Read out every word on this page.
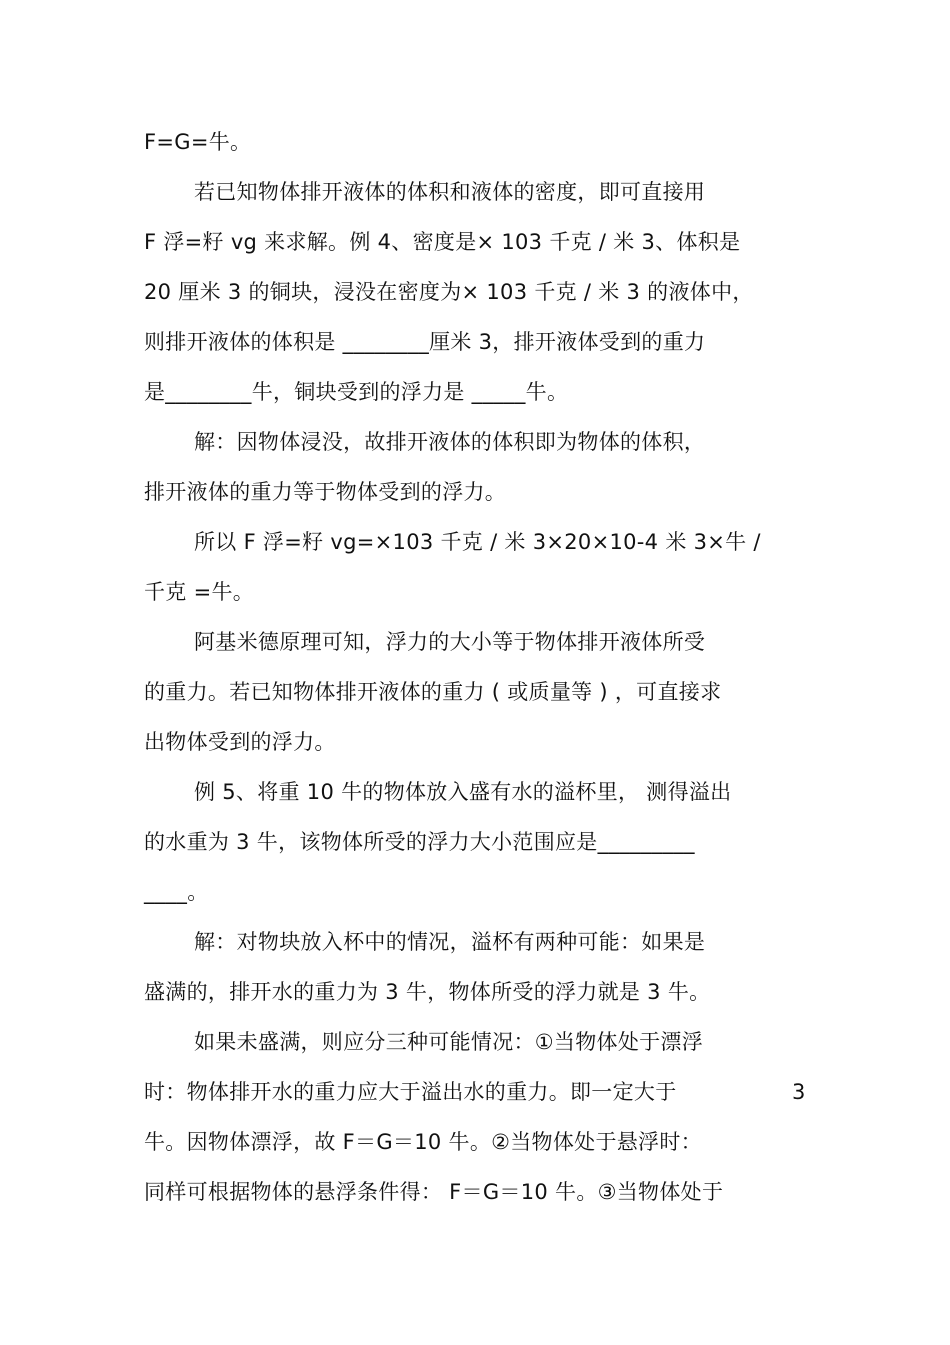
F=G=牛。
若已知物体排开液体的体积和液体的密度，即可直接用
F 浮=籽 vg 来求解。例 4、密度是× 103 千克 / 米 3、体积是
20 厘米 3 的铜块，浸没在密度为× 103 千克 / 米 3 的液体中，
则排开液体的体积是 ________厘米 3，排开液体受到的重力
是________牛，铜块受到的浮力是 _____牛。
解：因物体浸没，故排开液体的体积即为物体的体积，
排开液体的重力等于物体受到的浮力。
所以 F 浮=籽 vg=×103 千克 / 米 3×20×10-4 米 3×牛 /
千克 =牛。
阿基米德原理可知，浮力的大小等于物体排开液体所受
的重力。若已知物体排开液体的重力 ( 或质量等 ) ，可直接求
出物体受到的浮力。
例 5、将重 10 牛的物体放入盛有水的溢杯里， 测得溢出
的水重为 3 牛，该物体所受的浮力大小范围应是_________
____。
解：对物块放入杯中的情况，溢杯有两种可能：如果是
盛满的，排开水的重力为 3 牛，物体所受的浮力就是 3 牛。
如果未盛满，则应分三种可能情况：①当物体处于漂浮
时：物体排开水的重力应大于溢出水的重力。即一定大于	3
牛。因物体漂浮，故 F＝G＝10 牛。②当物体处于悬浮时：
同样可根据物体的悬浮条件得： F＝G＝10 牛。③当物体处于
